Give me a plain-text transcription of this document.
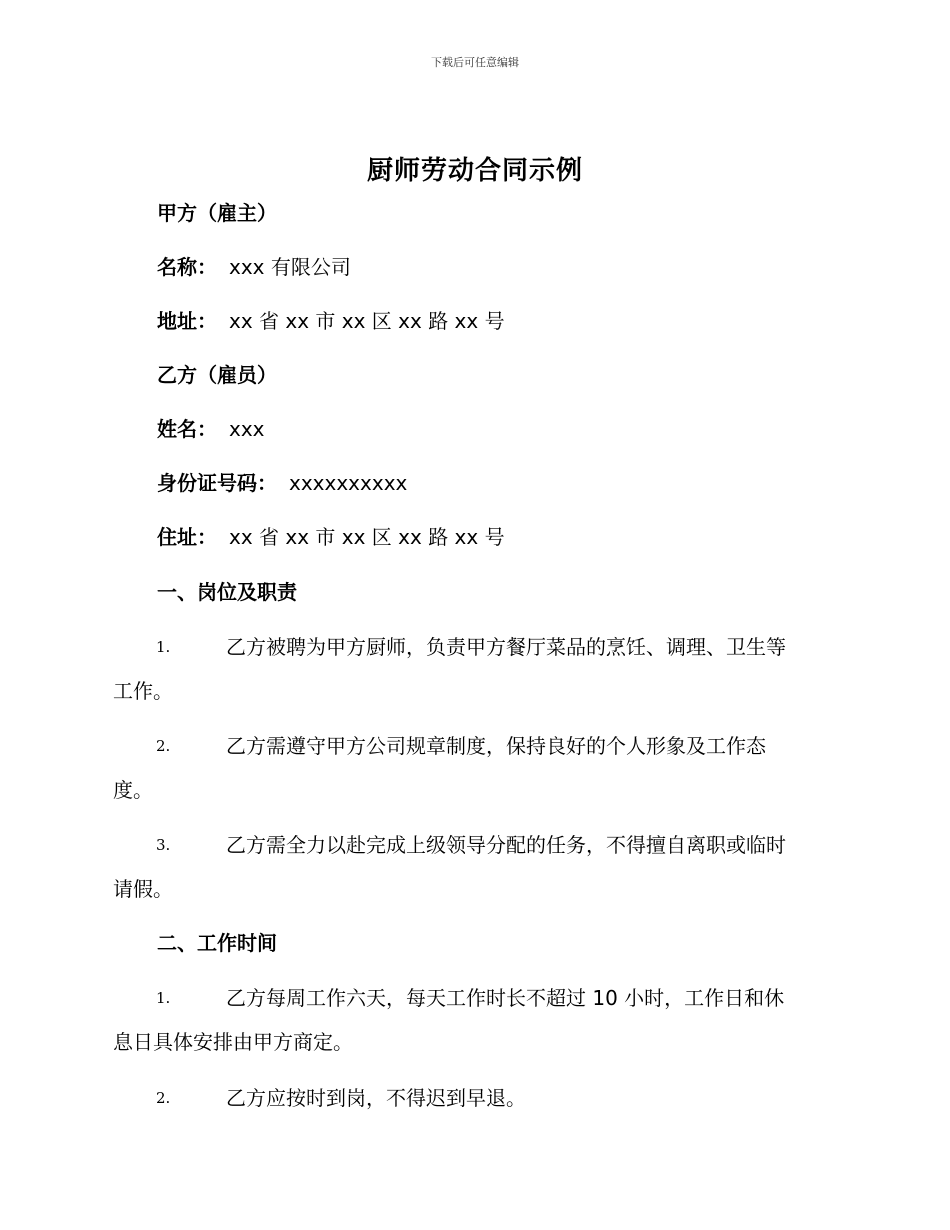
下载后可任意编辑
厨师劳动合同示例
甲方（雇主）
名称： xxx 有限公司
地址： xx 省 xx 市 xx 区 xx 路 xx 号
乙方（雇员）
姓名： xxx
身份证号码： xxxxxxxxxx
住址： xx 省 xx 市 xx 区 xx 路 xx 号
一、岗位及职责
1.	乙方被聘为甲方厨师，负责甲方餐厅菜品的烹饪、调理、卫生等
工作。
2.	乙方需遵守甲方公司规章制度，保持良好的个人形象及工作态
度。
3.	乙方需全力以赴完成上级领导分配的任务，不得擅自离职或临时
请假。
二、工作时间
1.	乙方每周工作六天，每天工作时长不超过 10 小时，工作日和休
息日具体安排由甲方商定。
2.	乙方应按时到岗，不得迟到早退。
